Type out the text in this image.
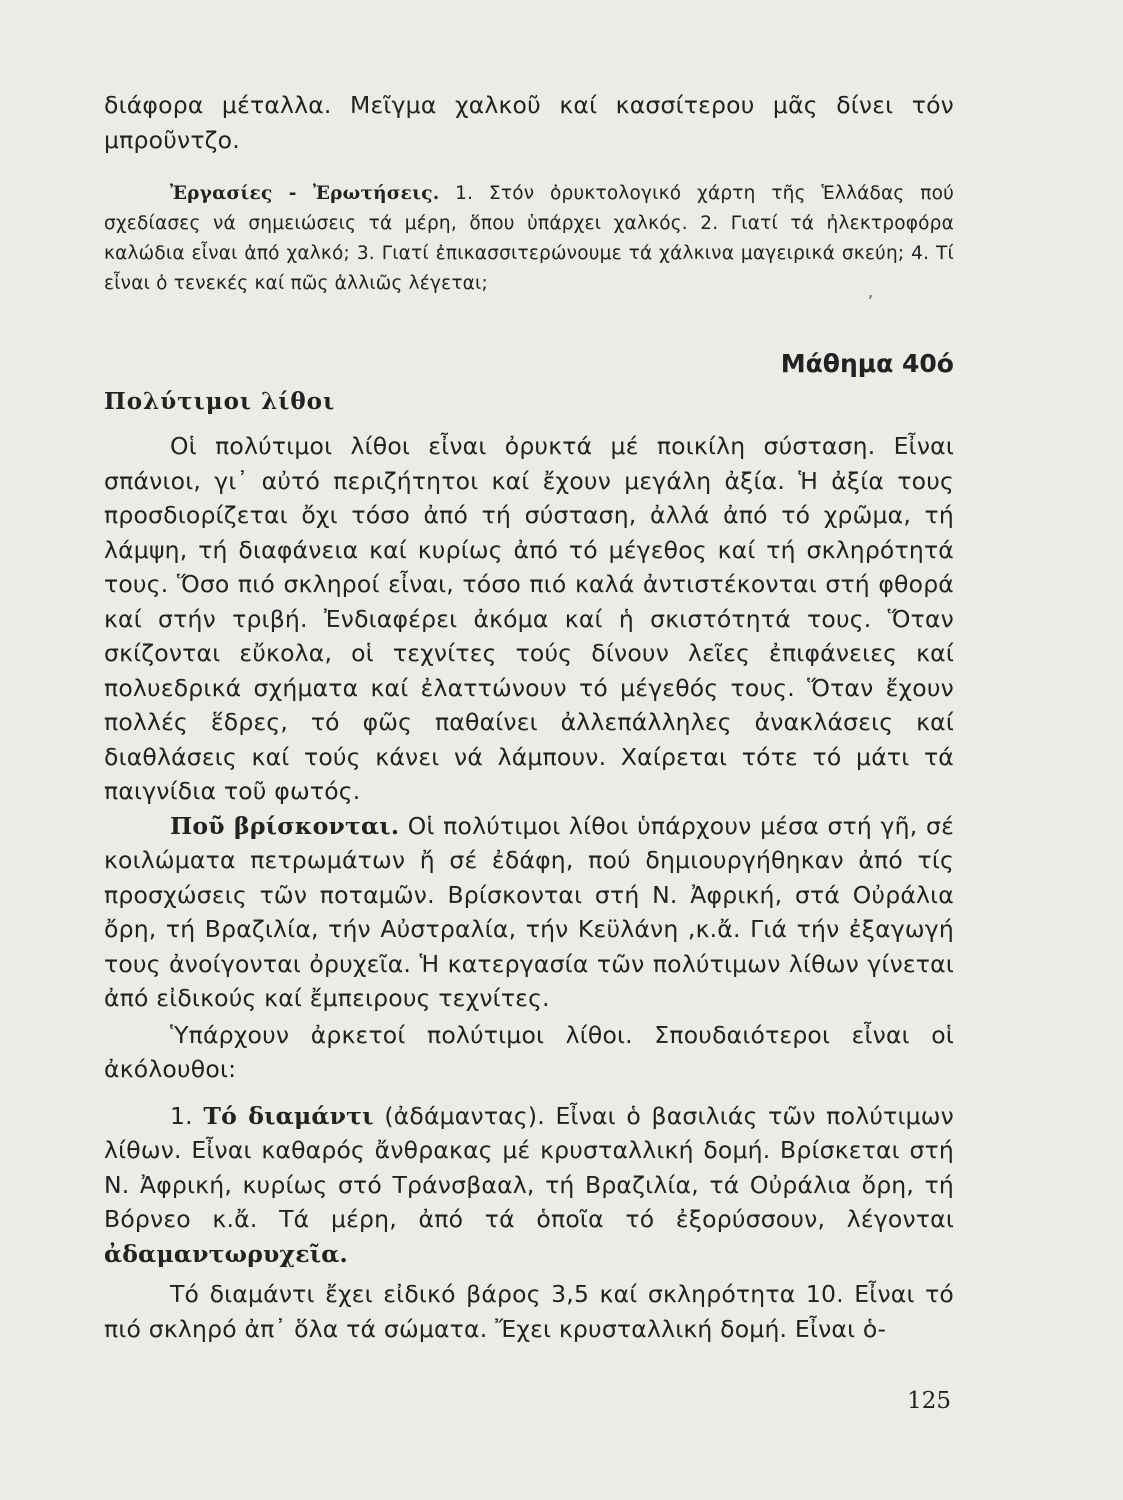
διάφορα μέταλλα. Μεῖγμα χαλκοῦ καί κασσίτερου μᾶς δίνει τόν μπροῦντζο.

Ἐργασίες - Ἐρωτήσεις. 1. Στόν ὀρυκτολογικό χάρτη τῆς Ἑλλάδας πού σχεδίασες νά σημειώσεις τά μέρη, ὅπου ὑπάρχει χαλκός. 2. Γιατί τά ἠλεκτροφόρα καλώδια εἶναι ἀπό χαλκό; 3. Γιατί ἐπικασσιτερώνουμε τά χάλκινα μαγειρικά σκεύη; 4. Τί εἶναι ὁ τενεκές καί πῶς ἀλλιῶς λέγεται;

Μάθημα 40ό
Πολύτιμοι λίθοι

Οἱ πολύτιμοι λίθοι εἶναι ὀρυκτά μέ ποικίλη σύσταση. Εἶναι σπάνιοι, γι᾿ αὐτό περιζήτητοι καί ἔχουν μεγάλη ἀξία. Ἡ ἀξία τους προσδιορίζεται ὄχι τόσο ἀπό τή σύσταση, ἀλλά ἀπό τό χρῶμα, τή λάμψη, τή διαφάνεια καί κυρίως ἀπό τό μέγεθος καί τή σκληρότητά τους. Ὅσο πιό σκληροί εἶναι, τόσο πιό καλά ἀντιστέκονται στή φθορά καί στήν τριβή. Ἐνδιαφέρει ἀκόμα καί ἡ σκιστότητά τους. Ὅταν σκίζονται εὔκολα, οἱ τεχνίτες τούς δίνουν λεῖες ἐπιφάνειες καί πολυεδρικά σχήματα καί ἐλαττώνουν τό μέγεθός τους. Ὅταν ἔχουν πολλές ἕδρες, τό φῶς παθαίνει ἀλλεπάλληλες ἀνακλάσεις καί διαθλάσεις καί τούς κάνει νά λάμπουν. Χαίρεται τότε τό μάτι τά παιγνίδια τοῦ φωτός.

Ποῦ βρίσκονται. Οἱ πολύτιμοι λίθοι ὑπάρχουν μέσα στή γῆ, σέ κοιλώματα πετρωμάτων ἤ σέ ἐδάφη, πού δημιουργήθηκαν ἀπό τίς προσχώσεις τῶν ποταμῶν. Βρίσκονται στή Ν. Ἀφρική, στά Οὐράλια ὄρη, τή Βραζιλία, τήν Αὐστραλία, τήν Κεϋλάνη ,κ.ἄ. Γιά τήν ἐξαγωγή τους ἀνοίγονται ὀρυχεῖα. Ἡ κατεργασία τῶν πολύτιμων λίθων γίνεται ἀπό εἰδικούς καί ἔμπειρους τεχνίτες.

Ὑπάρχουν ἀρκετοί πολύτιμοι λίθοι. Σπουδαιότεροι εἶναι οἱ ἀκόλουθοι:

1. Τό διαμάντι (ἀδάμαντας). Εἶναι ὁ βασιλιάς τῶν πολύτιμων λίθων. Εἶναι καθαρός ἄνθρακας μέ κρυσταλλική δομή. Βρίσκεται στή Ν. Ἀφρική, κυρίως στό Τράνσβααλ, τή Βραζιλία, τά Οὐράλια ὄρη, τή Βόρνεο κ.ἄ. Τά μέρη, ἀπό τά ὁποῖα τό ἐξορύσσουν, λέγονται ἀδαμαντωρυχεῖα.

Τό διαμάντι ἔχει εἰδικό βάρος 3,5 καί σκληρότητα 10. Εἶναι τό πιό σκληρό ἀπ᾿ ὅλα τά σώματα. Ἔχει κρυσταλλική δομή. Εἶναι ὁ-

,
125
